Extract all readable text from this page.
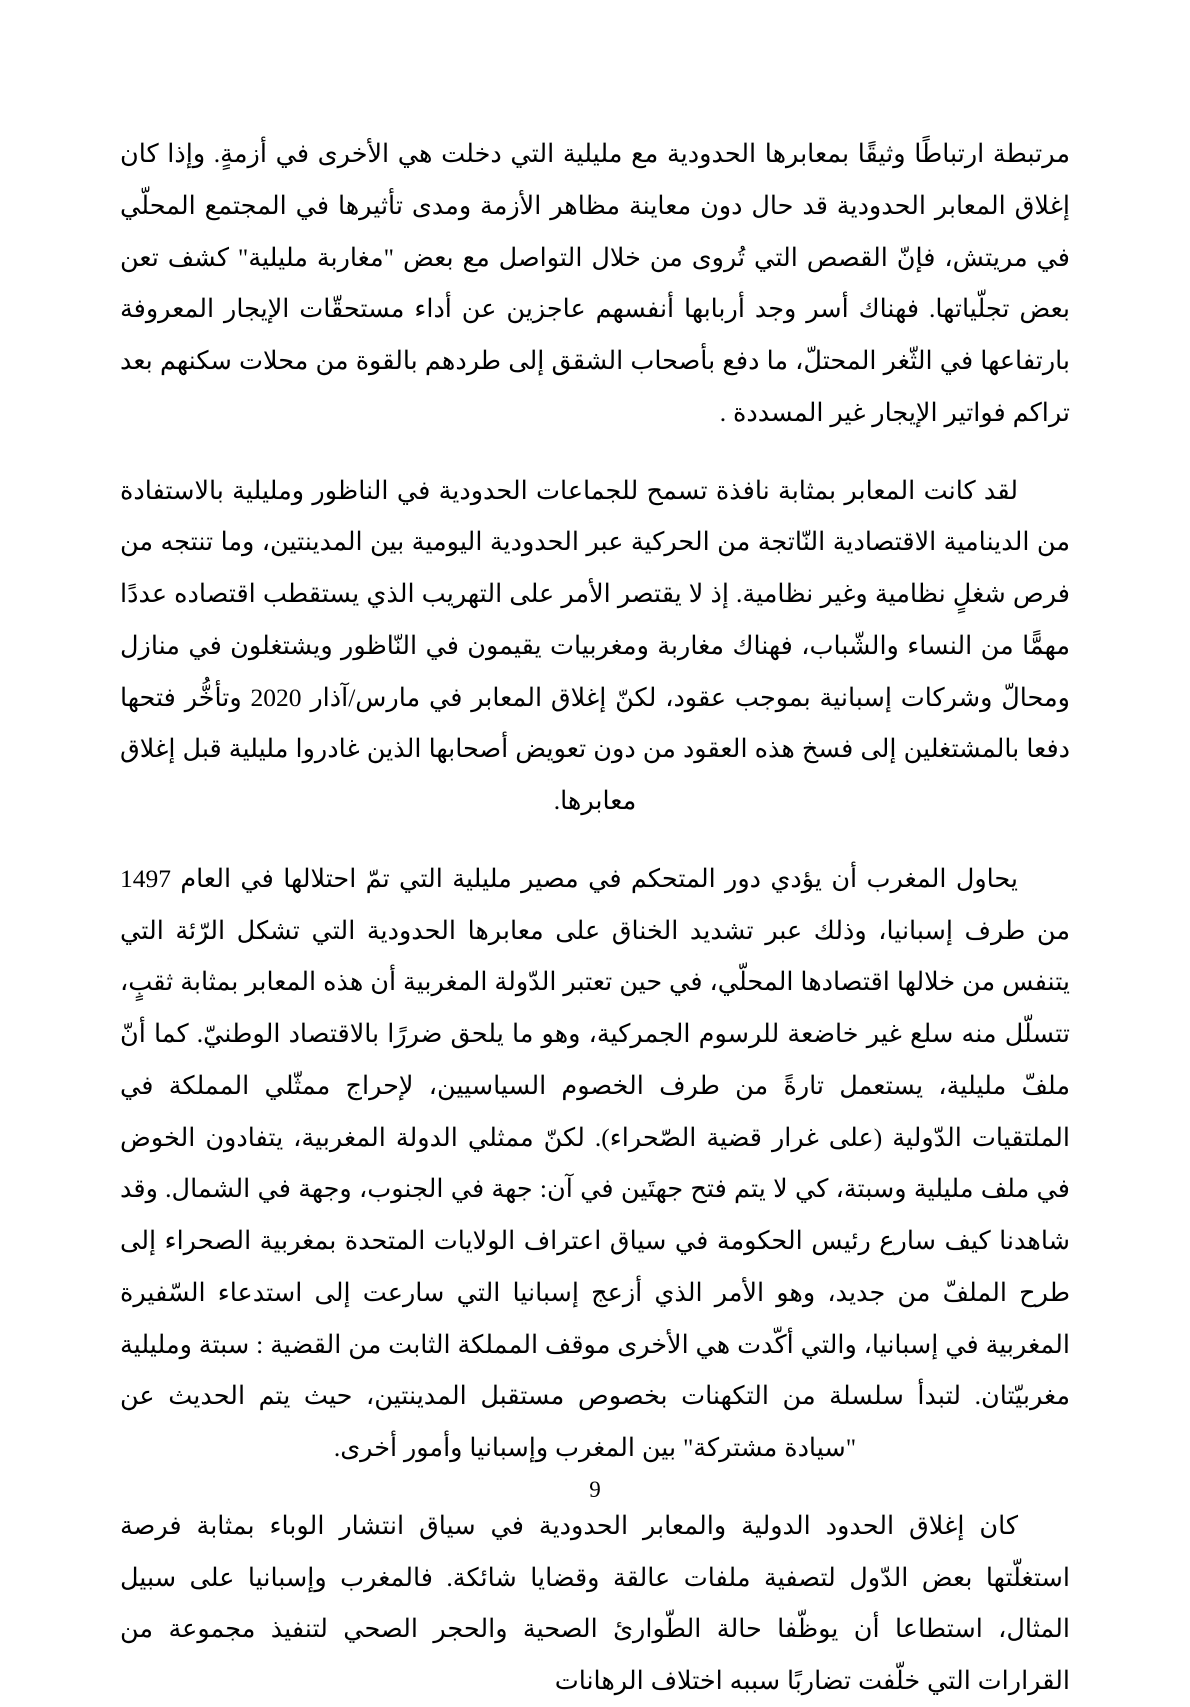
مرتبطة ارتباطًا وثيقًا بمعابرها الحدودية مع مليلية التي دخلت هي الأخرى في أزمةٍ. وإذا كان إغلاق المعابر الحدودية قد حال دون معاينة مظاهر الأزمة ومدى تأثيرها في المجتمع المحلّي في مريتش، فإنّ القصص التي تُروى من خلال التواصل مع بعض "مغاربة مليلية" كشف تعن بعض تجلّياتها. فهناك أسر وجد أربابها أنفسهم عاجزين عن أداء مستحقّات الإيجار المعروفة بارتفاعها في الثّغر المحتلّ، ما دفع بأصحاب الشقق إلى طردهم بالقوة من محلات سكنهم بعد تراكم فواتير الإيجار غير المسددة .

لقد كانت المعابر بمثابة نافذة تسمح للجماعات الحدودية في الناظور ومليلية بالاستفادة من الدينامية الاقتصادية النّاتجة من الحركية عبر الحدودية اليومية بين المدينتين، وما تنتجه من فرص شغلٍ نظامية وغير نظامية. إذ لا يقتصر الأمر على التهريب الذي يستقطب اقتصاده عددًا مهمًّا من النساء والشّباب، فهناك مغاربة ومغربيات يقيمون في النّاظور ويشتغلون في منازل ومحالّ وشركات إسبانية بموجب عقود، لكنّ إغلاق المعابر في مارس/آذار 2020 وتأخُّر فتحها دفعا بالمشتغلين إلى فسخ هذه العقود من دون تعويض أصحابها الذين غادروا مليلية قبل إغلاق معابرها.

يحاول المغرب أن يؤدي دور المتحكم في مصير مليلية التي تمّ احتلالها في العام 1497 من طرف إسبانيا، وذلك عبر تشديد الخناق على معابرها الحدودية التي تشكل الرّئة التي يتنفس من خلالها اقتصادها المحلّي، في حين تعتبر الدّولة المغربية أن هذه المعابر بمثابة ثقبٍ، تتسلّل منه سلع غير خاضعة للرسوم الجمركية، وهو ما يلحق ضررًا بالاقتصاد الوطنيّ. كما أنّ ملفّ مليلية، يستعمل تارةً من طرف الخصوم السياسيين، لإحراج ممثّلي المملكة في الملتقيات الدّولية (على غرار قضية الصّحراء). لكنّ ممثلي الدولة المغربية، يتفادون الخوض في ملف مليلية وسبتة، كي لا يتم فتح جهتَين في آن: جهة في الجنوب، وجهة في الشمال. وقد شاهدنا كيف سارع رئيس الحكومة في سياق اعتراف الولايات المتحدة بمغربية الصحراء إلى طرح الملفّ من جديد، وهو الأمر الذي أزعج إسبانيا التي سارعت إلى استدعاء السّفيرة المغربية في إسبانيا، والتي أكّدت هي الأخرى موقف المملكة الثابت من القضية : سبتة ومليلية مغربيّتان. لتبدأ سلسلة من التكهنات بخصوص مستقبل المدينتين، حيث يتم الحديث عن "سيادة مشتركة" بين المغرب وإسبانيا وأمور أخرى.

كان إغلاق الحدود الدولية والمعابر الحدودية في سياق انتشار الوباء بمثابة فرصة استغلّتها بعض الدّول لتصفية ملفات عالقة وقضايا شائكة. فالمغرب وإسبانيا على سبيل المثال، استطاعا أن يوظّفا حالة الطّوارئ الصحية والحجر الصحي لتنفيذ مجموعة من القرارات التي خلّفت تضاربًا سببه اختلاف الرهانات

9
